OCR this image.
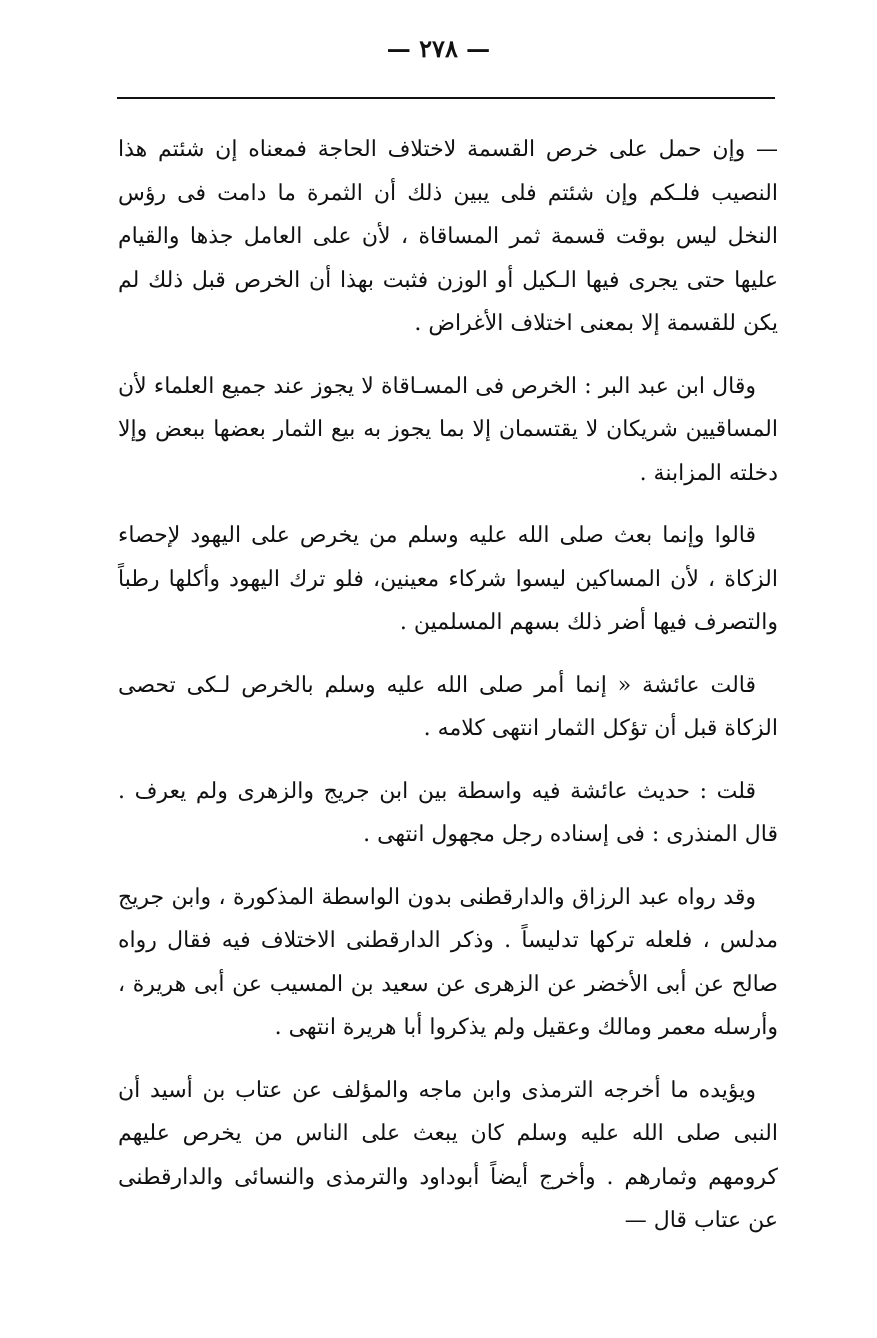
— ٢٧٨ —

— وإن حمل على خرص القسمة لاختلاف الحاجة فمعناه إن شئتم هذا النصيب فلـكم وإن شئتم فلى يبين ذلك أن الثمرة ما دامت فى رؤس النخل ليس بوقت قسمة ثمر المساقاة ، لأن على العامل جذها والقيام عليها حتى يجرى فيها الـكيل أو الوزن فثبت بهذا أن الخرص قبل ذلك لم يكن للقسمة إلا بمعنى اختلاف الأغراض .

وقال ابن عبد البر : الخرص فى المسـاقاة لا يجوز عند جميع العلماء لأن المساقيين شريكان لا يقتسمان إلا بما يجوز به بيع الثمار بعضها ببعض وإلا دخلته المزابنة .

قالوا وإنما بعث صلى الله عليه وسلم من يخرص على اليهود لإحصاء الزكاة ، لأن المساكين ليسوا شركاء معينين، فلو ترك اليهود وأكلها رطباً والتصرف فيها أضر ذلك بسهم المسلمين .

قالت عائشة « إنما أمر صلى الله عليه وسلم بالخرص لـكى تحصى الزكاة قبل أن تؤكل الثمار انتهى كلامه .

قلت : حديث عائشة فيه واسطة بين ابن جريج والزهرى ولم يعرف . قال المنذرى : فى إسناده رجل مجهول انتهى .

وقد رواه عبد الرزاق والدارقطنى بدون الواسطة المذكورة ، وابن جريج مدلس ، فلعله تركها تدليساً . وذكر الدارقطنى الاختلاف فيه فقال رواه صالح عن أبى الأخضر عن الزهرى عن سعيد بن المسيب عن أبى هريرة ، وأرسله معمر ومالك وعقيل ولم يذكروا أبا هريرة انتهى .

ويؤيده ما أخرجه الترمذى وابن ماجه والمؤلف عن عتاب بن أسيد أن النبى صلى الله عليه وسلم كان يبعث على الناس من يخرص عليهم كرومهم وثمارهم . وأخرج أيضاً أبوداود والترمذى والنسائى والدارقطنى عن عتاب قال —
